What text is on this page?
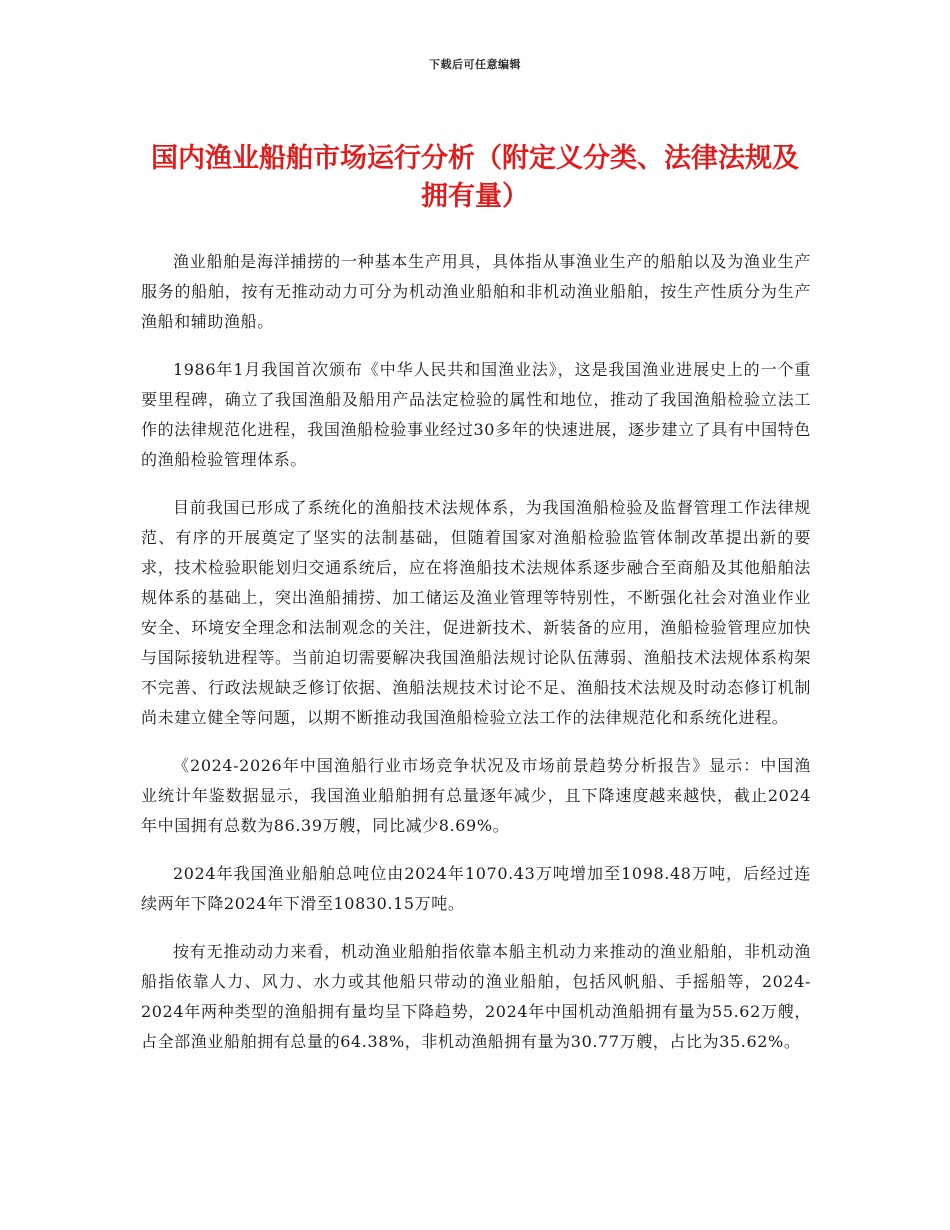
下载后可任意编辑
国内渔业船舶市场运行分析（附定义分类、法律法规及拥有量）

渔业船舶是海洋捕捞的一种基本生产用具，具体指从事渔业生产的船舶以及为渔业生产服务的船舶，按有无推动动力可分为机动渔业船舶和非机动渔业船舶，按生产性质分为生产渔船和辅助渔船。

1986年1月我国首次颁布《中华人民共和国渔业法》，这是我国渔业进展史上的一个重要里程碑，确立了我国渔船及船用产品法定检验的属性和地位，推动了我国渔船检验立法工作的法律规范化进程，我国渔船检验事业经过30多年的快速进展，逐步建立了具有中国特色的渔船检验管理体系。

目前我国已形成了系统化的渔船技术法规体系，为我国渔船检验及监督管理工作法律规范、有序的开展奠定了坚实的法制基础，但随着国家对渔船检验监管体制改革提出新的要求，技术检验职能划归交通系统后，应在将渔船技术法规体系逐步融合至商船及其他船舶法规体系的基础上，突出渔船捕捞、加工储运及渔业管理等特别性，不断强化社会对渔业作业安全、环境安全理念和法制观念的关注，促进新技术、新装备的应用，渔船检验管理应加快与国际接轨进程等。当前迫切需要解决我国渔船法规讨论队伍薄弱、渔船技术法规体系构架不完善、行政法规缺乏修订依据、渔船法规技术讨论不足、渔船技术法规及时动态修订机制尚未建立健全等问题，以期不断推动我国渔船检验立法工作的法律规范化和系统化进程。

《2024-2026年中国渔船行业市场竞争状况及市场前景趋势分析报告》显示：中国渔业统计年鉴数据显示，我国渔业船舶拥有总量逐年减少，且下降速度越来越快，截止2024年中国拥有总数为86.39万艘，同比减少8.69%。

2024年我国渔业船舶总吨位由2024年1070.43万吨增加至1098.48万吨，后经过连续两年下降2024年下滑至10830.15万吨。

按有无推动动力来看，机动渔业船舶指依靠本船主机动力来推动的渔业船舶，非机动渔船指依靠人力、风力、水力或其他船只带动的渔业船舶，包括风帆船、手摇船等，2024-2024年两种类型的渔船拥有量均呈下降趋势，2024年中国机动渔船拥有量为55.62万艘，占全部渔业船舶拥有总量的64.38%，非机动渔船拥有量为30.77万艘，占比为35.62%。
